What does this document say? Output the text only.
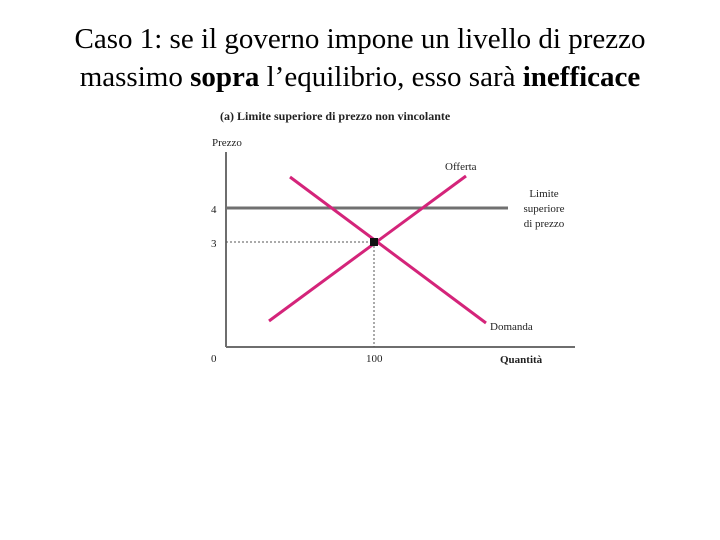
Caso 1: se il governo impone un livello di prezzo
massimo sopra l’equilibrio, esso sarà inefficace
(a) Limite superiore di prezzo non vincolante
Prezzo
4
3
0	100	Quantità
Offerta
Domanda
Limite
superiore
di prezzo
